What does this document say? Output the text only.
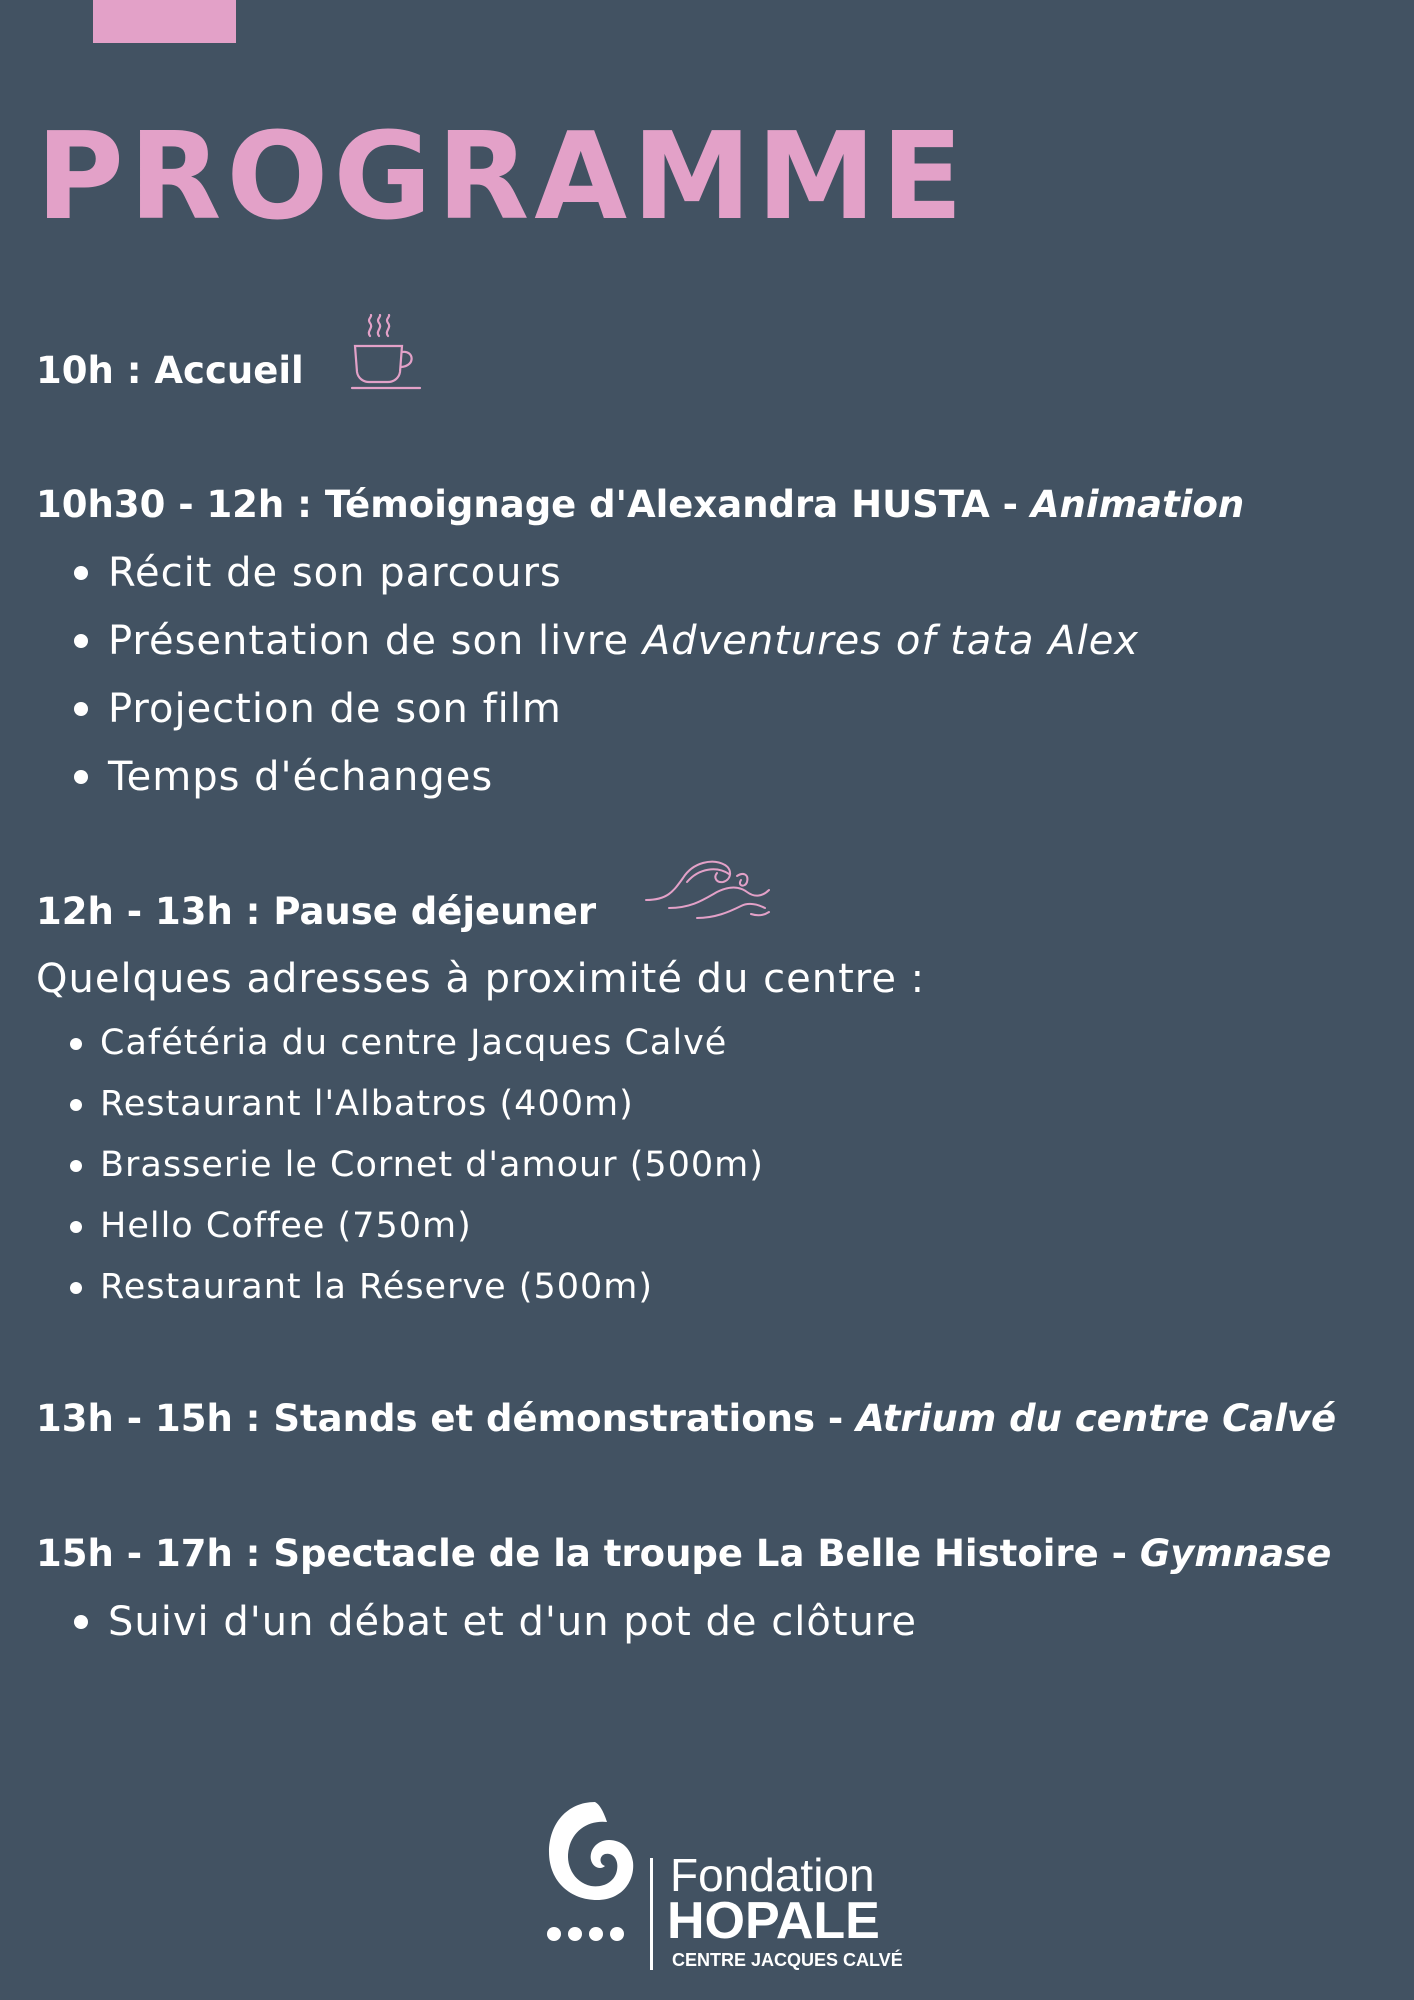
PROGRAMME
10h : Accueil
10h30 - 12h : Témoignage d'Alexandra HUSTA - Animation
Récit de son parcours
Présentation de son livre Adventures of tata Alex
Projection de son film
Temps d'échanges
12h - 13h : Pause déjeuner
Quelques adresses à proximité du centre :
Cafétéria du centre Jacques Calvé
Restaurant l'Albatros (400m)
Brasserie le Cornet d'amour (500m)
Hello Coffee (750m)
Restaurant la Réserve (500m)
13h - 15h : Stands et démonstrations - Atrium du centre Calvé
15h - 17h : Spectacle de la troupe La Belle Histoire - Gymnase
Suivi d'un débat et d'un pot de clôture
Fondation
HOPALE
CENTRE JACQUES CALVÉ
